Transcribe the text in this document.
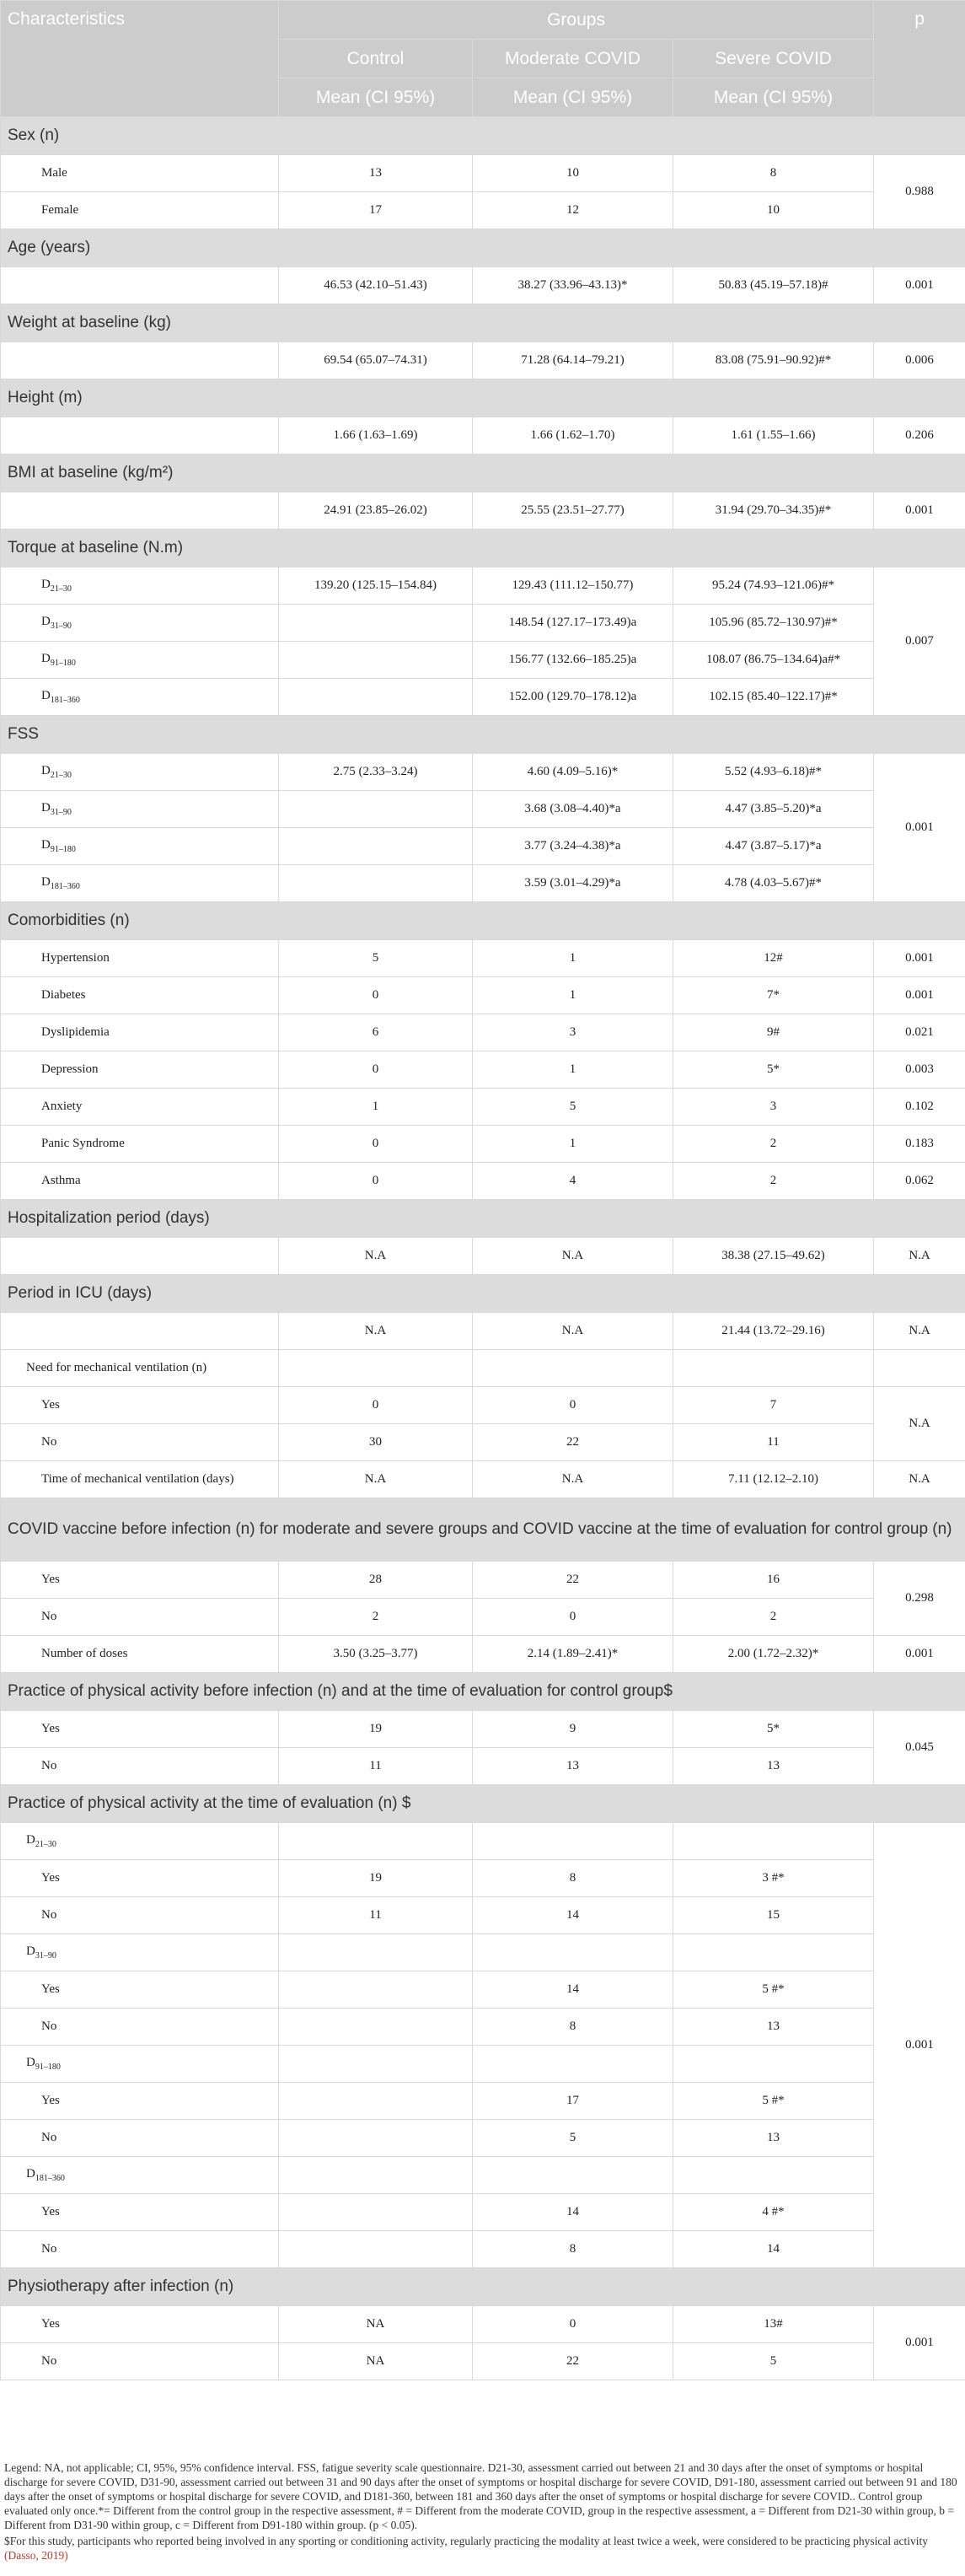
Characteristics	Groups			p
	Control	Moderate COVID	Severe COVID	
	Mean (CI 95%)	Mean (CI 95%)	Mean (CI 95%)	
Sex (n)				
Male	13	10	8	0.988
Female	17	12	10	
Age (years)				
	46.53 (42.10–51.43)	38.27 (33.96–43.13)*	50.83 (45.19–57.18)#	0.001
Weight at baseline (kg)				
	69.54 (65.07–74.31)	71.28 (64.14–79.21)	83.08 (75.91–90.92)#*	0.006
Height (m)				
	1.66 (1.63–1.69)	1.66 (1.62–1.70)	1.61 (1.55–1.66)	0.206
BMI at baseline (kg/m²)				
	24.91 (23.85–26.02)	25.55 (23.51–27.77)	31.94 (29.70–34.35)#*	0.001
Torque at baseline (N.m)				
$D_{21-30}$	139.20 (125.15–154.84)	129.43 (111.12–150.77)	95.24 (74.93–121.06)#*	0.007
$D_{31-90}$		148.54 (127.17–173.49)a	105.96 (85.72–130.97)#*	
$D_{91-180}$		156.77 (132.66–185.25)a	108.07 (86.75–134.64)a#*	
$D_{181-360}$		152.00 (129.70–178.12)a	102.15 (85.40–122.17)#*	
FSS				
$D_{21-30}$	2.75 (2.33–3.24)	4.60 (4.09–5.16)*	5.52 (4.93–6.18)#*	0.001
$D_{31-90}$		3.68 (3.08–4.40)*a	4.47 (3.85–5.20)*a	
$D_{91-180}$		3.77 (3.24–4.38)*a	4.47 (3.87–5.17)*a	
$D_{181-360}$		3.59 (3.01–4.29)*a	4.78 (4.03–5.67)#*	
Comorbidities (n)				
Hypertension	5	1	12#	0.001
Diabetes	0	1	7*	0.001
Dyslipidemia	6	3	9#	0.021
Depression	0	1	5*	0.003
Anxiety	1	5	3	0.102
Panic Syndrome	0	1	2	0.183
Asthma	0	4	2	0.062
Hospitalization period (days)				
	N.A	N.A	38.38 (27.15–49.62)	N.A
Period in ICU (days)				
	N.A	N.A	21.44 (13.72–29.16)	N.A
Need for mechanical ventilation (n)				
Yes	0	0	7	N.A
No	30	22	11	
Time of mechanical ventilation (days)	N.A	N.A	7.11 (12.12–2.10)	N.A
COVID vaccine before infection (n) for moderate and severe groups and COVID vaccine at the time of evaluation for control group (n)				
Yes	28	22	16	0.298
No	2	0	2	
Number of doses	3.50 (3.25–3.77)	2.14 (1.89–2.41)*	2.00 (1.72–2.32)*	0.001
Practice of physical activity before infection (n) and at the time of evaluation for control group$				
Yes	19	9	5*	0.045
No	11	13	13	
Practice of physical activity at the time of evaluation (n) $				
$D_{21-30}$				0.001
Yes	19	8	3 #*	
No	11	14	15	
$D_{31-90}$			
Yes		14	5 #*	
No		8	13	
$D_{91-180}$			
Yes		17	5 #*	
No		5	13	
$D_{181-360}$			
Yes		14	4 #*	
No		8	14	
Physiotherapy after infection (n)				
Yes	NA	0	13#	0.001
No	NA	22	5	

Legend: NA, not applicable; CI, 95%, 95% confidence interval. FSS, fatigue severity scale questionnaire. D21-30, assessment carried out between 21 and 30 days after the onset of symptoms or hospital discharge for severe COVID, D31-90, assessment carried out between 31 and 90 days after the onset of symptoms or hospital discharge for severe COVID, D91-180, assessment carried out between 91 and 180 days after the onset of symptoms or hospital discharge for severe COVID, and D181-360, between 181 and 360 days after the onset of symptoms or hospital discharge for severe COVID.. Control group evaluated only once.*= Different from the control group in the respective assessment, # = Different from the moderate COVID, group in the respective assessment, a = Different from D21-30 within group, b = Different from D31-90 within group, c = Different from D91-180 within group. (p < 0.05).

$For this study, participants who reported being involved in any sporting or conditioning activity, regularly practicing the modality at least twice a week, were considered to be practicing physical activity (Dasso, 2019)
